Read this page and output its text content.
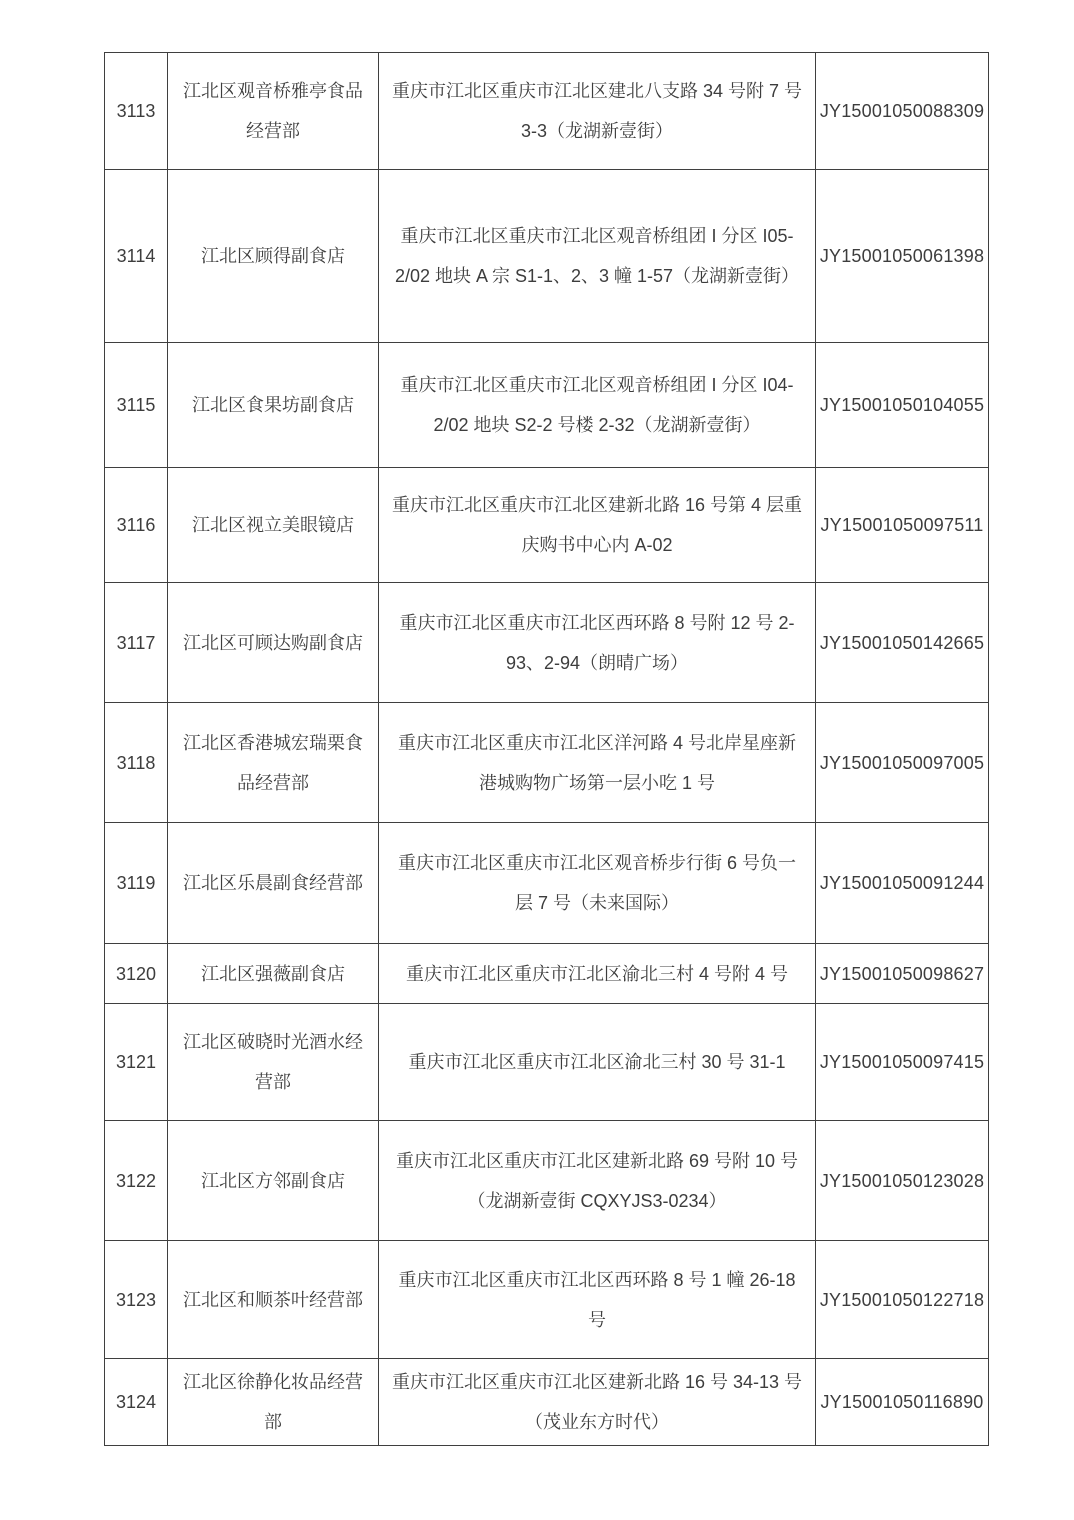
3113	江北区观音桥雅亭食品经营部	重庆市江北区重庆市江北区建北八支路 34 号附 7 号 3-3（龙湖新壹街）	JY15001050088309
3114	江北区顾得副食店	重庆市江北区重庆市江北区观音桥组团 I 分区 I05-2/02 地块 A 宗 S1-1、2、3 幢 1-57（龙湖新壹街）	JY15001050061398
3115	江北区食果坊副食店	重庆市江北区重庆市江北区观音桥组团 I 分区 I04-2/02 地块 S2-2 号楼 2-32（龙湖新壹街）	JY15001050104055
3116	江北区视立美眼镜店	重庆市江北区重庆市江北区建新北路 16 号第 4 层重庆购书中心内 A-02	JY15001050097511
3117	江北区可顾达购副食店	重庆市江北区重庆市江北区西环路 8 号附 12 号 2-93、2-94（朗晴广场）	JY15001050142665
3118	江北区香港城宏瑞栗食品经营部	重庆市江北区重庆市江北区洋河路 4 号北岸星座新港城购物广场第一层小吃 1 号	JY15001050097005
3119	江北区乐晨副食经营部	重庆市江北区重庆市江北区观音桥步行街 6 号负一层 7 号（未来国际）	JY15001050091244
3120	江北区强薇副食店	重庆市江北区重庆市江北区渝北三村 4 号附 4 号	JY15001050098627
3121	江北区破晓时光酒水经营部	重庆市江北区重庆市江北区渝北三村 30 号 31-1	JY15001050097415
3122	江北区方邻副食店	重庆市江北区重庆市江北区建新北路 69 号附 10 号（龙湖新壹街 CQXYJS3-0234）	JY15001050123028
3123	江北区和顺茶叶经营部	重庆市江北区重庆市江北区西环路 8 号 1 幢 26-18 号	JY15001050122718
3124	江北区徐静化妆品经营部	重庆市江北区重庆市江北区建新北路 16 号 34-13 号（茂业东方时代）	JY15001050116890
